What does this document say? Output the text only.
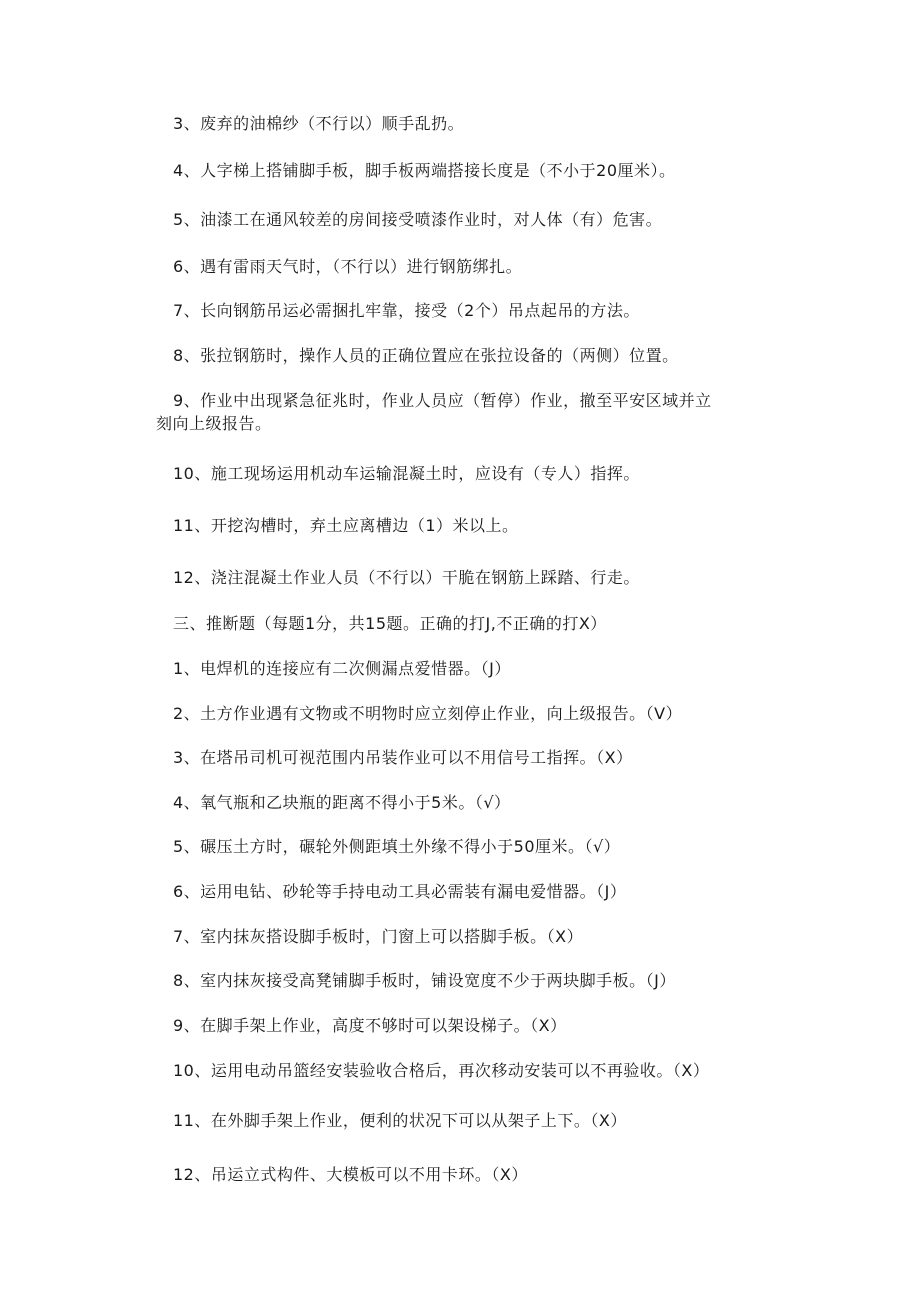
3、废弃的油棉纱（不行以）顺手乱扔。
4、人字梯上搭铺脚手板，脚手板两端搭接长度是（不小于20厘米）。
5、油漆工在通风较差的房间接受喷漆作业时，对人体（有）危害。
6、遇有雷雨天气时，（不行以）进行钢筋绑扎。
7、长向钢筋吊运必需捆扎牢靠，接受（2个）吊点起吊的方法。
8、张拉钢筋时，操作人员的正确位置应在张拉设备的（两侧）位置。
9、作业中出现紧急征兆时，作业人员应（暂停）作业，撤至平安区域并立
刻向上级报告。
10、施工现场运用机动车运输混凝土时，应设有（专人）指挥。
11、开挖沟槽时，弃土应离槽边（1）米以上。
12、浇注混凝土作业人员（不行以）干脆在钢筋上踩踏、行走。
三、推断题（每题1分，共15题。正确的打J,不正确的打X）
1、电焊机的连接应有二次侧漏点爱惜器。（J）
2、土方作业遇有文物或不明物时应立刻停止作业，向上级报告。（V）
3、在塔吊司机可视范围内吊装作业可以不用信号工指挥。（X）
4、氧气瓶和乙块瓶的距离不得小于5米。（√）
5、碾压土方时，碾轮外侧距填土外缘不得小于50厘米。（√）
6、运用电钻、砂轮等手持电动工具必需装有漏电爱惜器。（J）
7、室内抹灰搭设脚手板时，门窗上可以搭脚手板。（X）
8、室内抹灰接受高凳铺脚手板时，铺设宽度不少于两块脚手板。（J）
9、在脚手架上作业，高度不够时可以架设梯子。（X）
10、运用电动吊篮经安装验收合格后，再次移动安装可以不再验收。（X）
11、在外脚手架上作业，便利的状况下可以从架子上下。（X）
12、吊运立式构件、大模板可以不用卡环。（X）
